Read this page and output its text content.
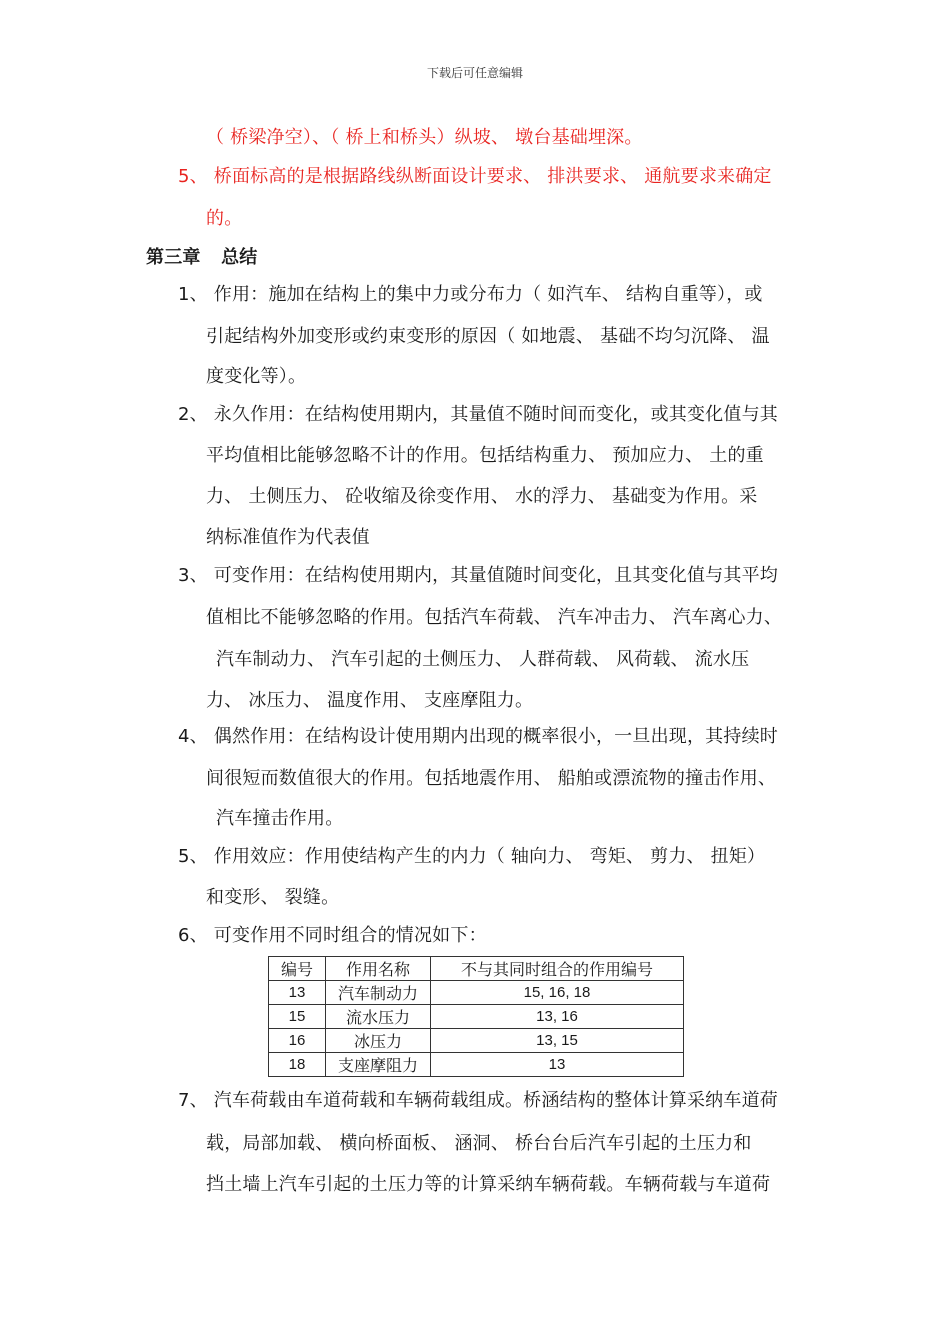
下载后可任意编辑
（ 桥梁净空）、（ 桥上和桥头）纵坡、 墩台基础埋深。
5、 桥面标高的是根据路线纵断面设计要求、 排洪要求、 通航要求来确定
的。
第三章 总结
1、 作用：施加在结构上的集中力或分布力（ 如汽车、 结构自重等），或
引起结构外加变形或约束变形的原因（ 如地震、 基础不均匀沉降、 温
度变化等）。
2、 永久作用：在结构使用期内，其量值不随时间而变化，或其变化值与其
平均值相比能够忽略不计的作用。包括结构重力、 预加应力、 土的重
力、 土侧压力、 砼收缩及徐变作用、 水的浮力、 基础变为作用。采
纳标准值作为代表值
3、 可变作用：在结构使用期内，其量值随时间变化，且其变化值与其平均
值相比不能够忽略的作用。包括汽车荷载、 汽车冲击力、 汽车离心力、
汽车制动力、 汽车引起的土侧压力、 人群荷载、 风荷载、 流水压
力、 冰压力、 温度作用、 支座摩阻力。
4、 偶然作用：在结构设计使用期内出现的概率很小，一旦出现，其持续时
间很短而数值很大的作用。包括地震作用、 船舶或漂流物的撞击作用、
汽车撞击作用。
5、 作用效应：作用使结构产生的内力（ 轴向力、 弯矩、 剪力、 扭矩）
和变形、 裂缝。
6、 可变作用不同时组合的情况如下：
编号	作用名称	不与其同时组合的作用编号
13	汽车制动力	15, 16, 18
15	流水压力	13, 16
16	冰压力	13, 15
18	支座摩阻力	13
7、 汽车荷载由车道荷载和车辆荷载组成。桥涵结构的整体计算采纳车道荷
载，局部加载、 横向桥面板、 涵洞、 桥台台后汽车引起的土压力和
挡土墙上汽车引起的土压力等的计算采纳车辆荷载。车辆荷载与车道荷
